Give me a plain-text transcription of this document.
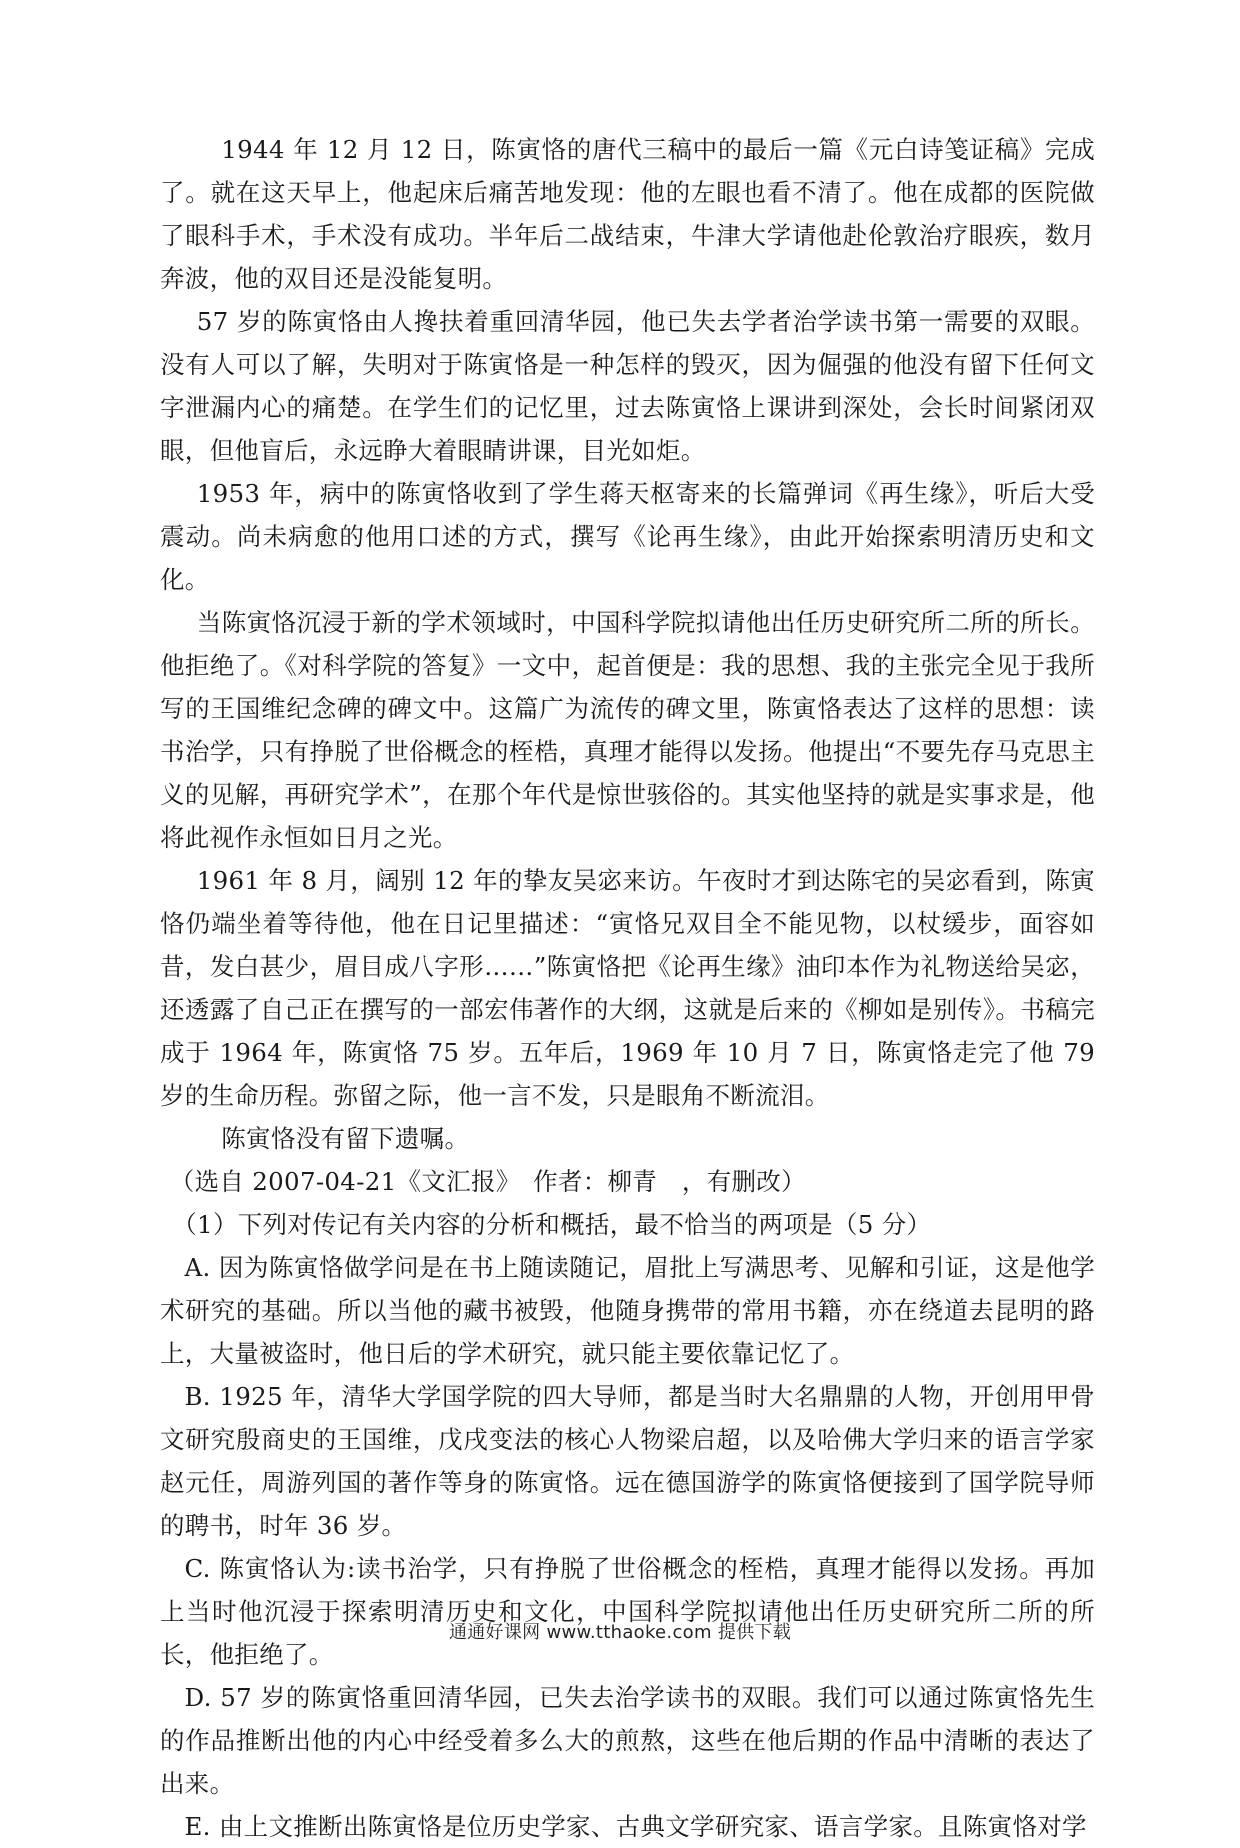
1944 年 12 月 12 日，陈寅恪的唐代三稿中的最后一篇《元白诗笺证稿》完成了。就在这天早上，他起床后痛苦地发现：他的左眼也看不清了。他在成都的医院做了眼科手术，手术没有成功。半年后二战结束，牛津大学请他赴伦敦治疗眼疾，数月奔波，他的双目还是没能复明。

57 岁的陈寅恪由人搀扶着重回清华园，他已失去学者治学读书第一需要的双眼。没有人可以了解，失明对于陈寅恪是一种怎样的毁灭，因为倔强的他没有留下任何文字泄漏内心的痛楚。在学生们的记忆里，过去陈寅恪上课讲到深处，会长时间紧闭双眼，但他盲后，永远睁大着眼睛讲课，目光如炬。

1953 年，病中的陈寅恪收到了学生蒋天枢寄来的长篇弹词《再生缘》，听后大受震动。尚未病愈的他用口述的方式，撰写《论再生缘》，由此开始探索明清历史和文化。

当陈寅恪沉浸于新的学术领域时，中国科学院拟请他出任历史研究所二所的所长。他拒绝了。《对科学院的答复》一文中，起首便是：我的思想、我的主张完全见于我所写的王国维纪念碑的碑文中。这篇广为流传的碑文里，陈寅恪表达了这样的思想：读书治学，只有挣脱了世俗概念的桎梏，真理才能得以发扬。他提出“不要先存马克思主义的见解，再研究学术”，在那个年代是惊世骇俗的。其实他坚持的就是实事求是，他将此视作永恒如日月之光。

1961 年 8 月，阔别 12 年的挚友吴宓来访。午夜时才到达陈宅的吴宓看到，陈寅恪仍端坐着等待他，他在日记里描述：“寅恪兄双目全不能见物，以杖缓步，面容如昔，发白甚少，眉目成八字形……”陈寅恪把《论再生缘》油印本作为礼物送给吴宓，还透露了自己正在撰写的一部宏伟著作的大纲，这就是后来的《柳如是别传》。书稿完成于 1964 年，陈寅恪 75 岁。五年后，1969 年 10 月 7 日，陈寅恪走完了他 79 岁的生命历程。弥留之际，他一言不发，只是眼角不断流泪。

陈寅恪没有留下遗嘱。

（选自 2007-04-21《文汇报》　作者：柳青　，有删改）

（1）下列对传记有关内容的分析和概括，最不恰当的两项是（5 分）

A. 因为陈寅恪做学问是在书上随读随记，眉批上写满思考、见解和引证，这是他学术研究的基础。所以当他的藏书被毁，他随身携带的常用书籍，亦在绕道去昆明的路上，大量被盗时，他日后的学术研究，就只能主要依靠记忆了。

B. 1925 年，清华大学国学院的四大导师，都是当时大名鼎鼎的人物，开创用甲骨文研究殷商史的王国维，戊戌变法的核心人物梁启超，以及哈佛大学归来的语言学家赵元任，周游列国的著作等身的陈寅恪。远在德国游学的陈寅恪便接到了国学院导师的聘书，时年 36 岁。

C. 陈寅恪认为:读书治学，只有挣脱了世俗概念的桎梏，真理才能得以发扬。再加上当时他沉浸于探索明清历史和文化，中国科学院拟请他出任历史研究所二所的所长，他拒绝了。

D. 57 岁的陈寅恪重回清华园，已失去治学读书的双眼。我们可以通过陈寅恪先生的作品推断出他的内心中经受着多么大的煎熬，这些在他后期的作品中清晰的表达了出来。

E. 由上文推断出陈寅恪是位历史学家、古典文学研究家、语言学家。且陈寅恪对学

通通好课网 www.tthaoke.com 提供下载
